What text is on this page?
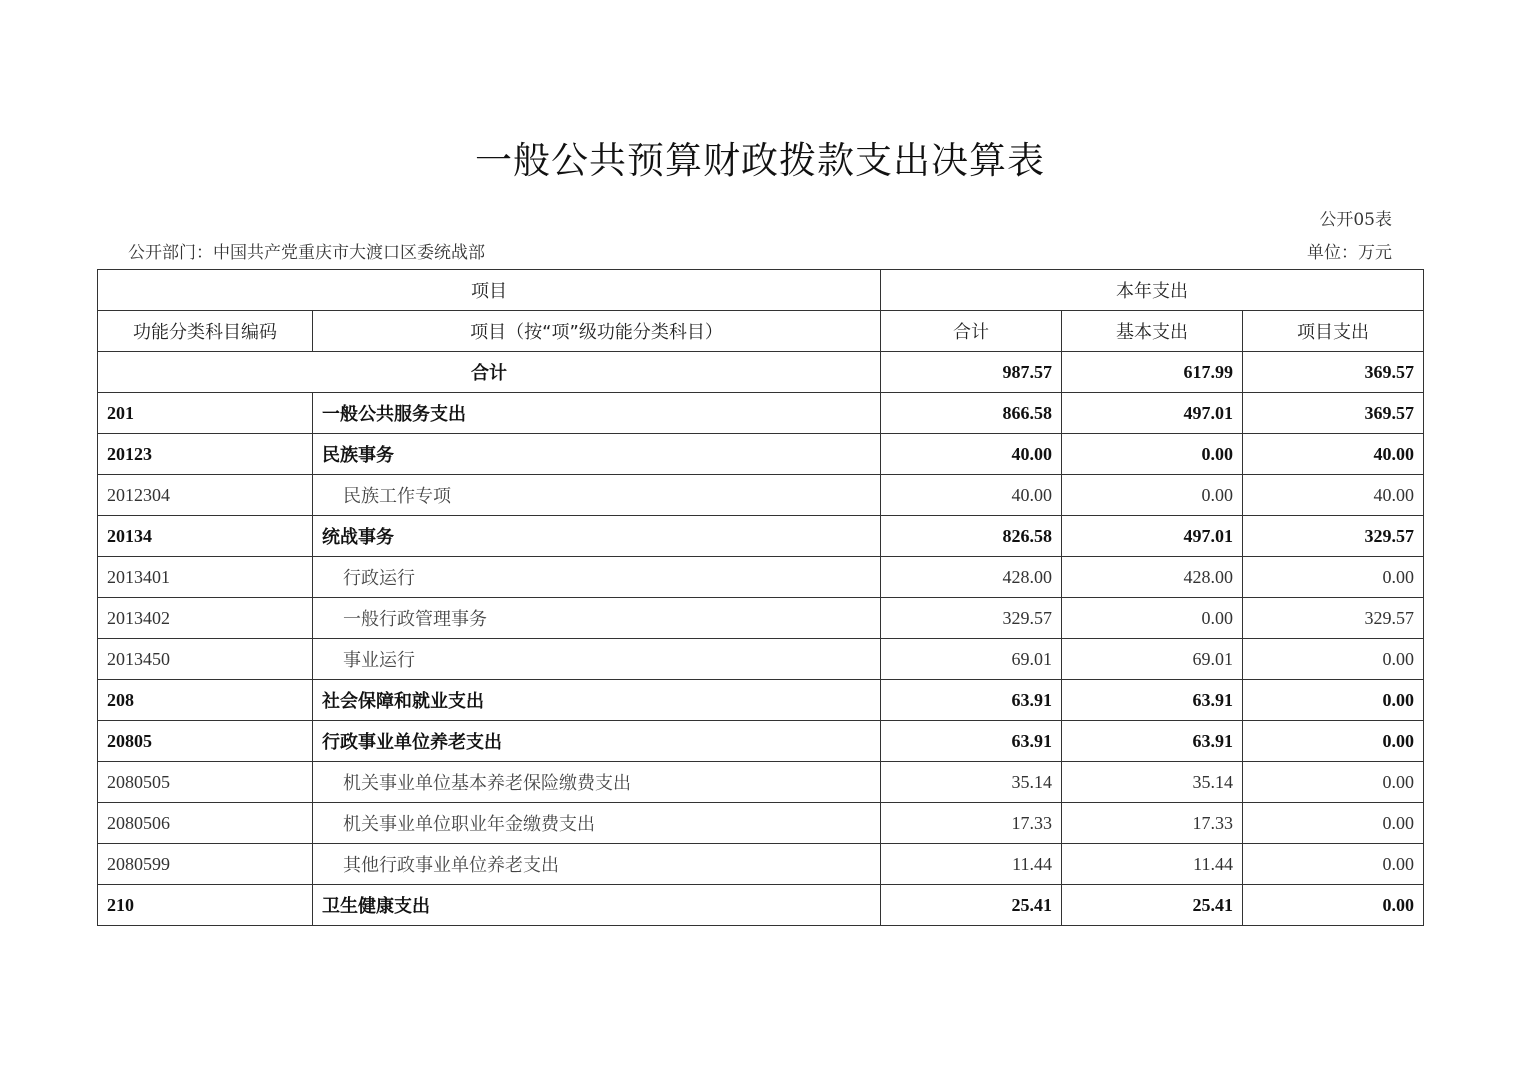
一般公共预算财政拨款支出决算表
公开05表
公开部门：中国共产党重庆市大渡口区委统战部	单位：万元
项目		本年支出		
功能分类科目编码	项目（按“项”级功能分类科目）	合计	基本支出	项目支出
合计		987.57	617.99	369.57
201	一般公共服务支出	866.58	497.01	369.57
20123	民族事务	40.00	0.00	40.00
2012304	民族工作专项	40.00	0.00	40.00
20134	统战事务	826.58	497.01	329.57
2013401	行政运行	428.00	428.00	0.00
2013402	一般行政管理事务	329.57	0.00	329.57
2013450	事业运行	69.01	69.01	0.00
208	社会保障和就业支出	63.91	63.91	0.00
20805	行政事业单位养老支出	63.91	63.91	0.00
2080505	机关事业单位基本养老保险缴费支出	35.14	35.14	0.00
2080506	机关事业单位职业年金缴费支出	17.33	17.33	0.00
2080599	其他行政事业单位养老支出	11.44	11.44	0.00
210	卫生健康支出	25.41	25.41	0.00
